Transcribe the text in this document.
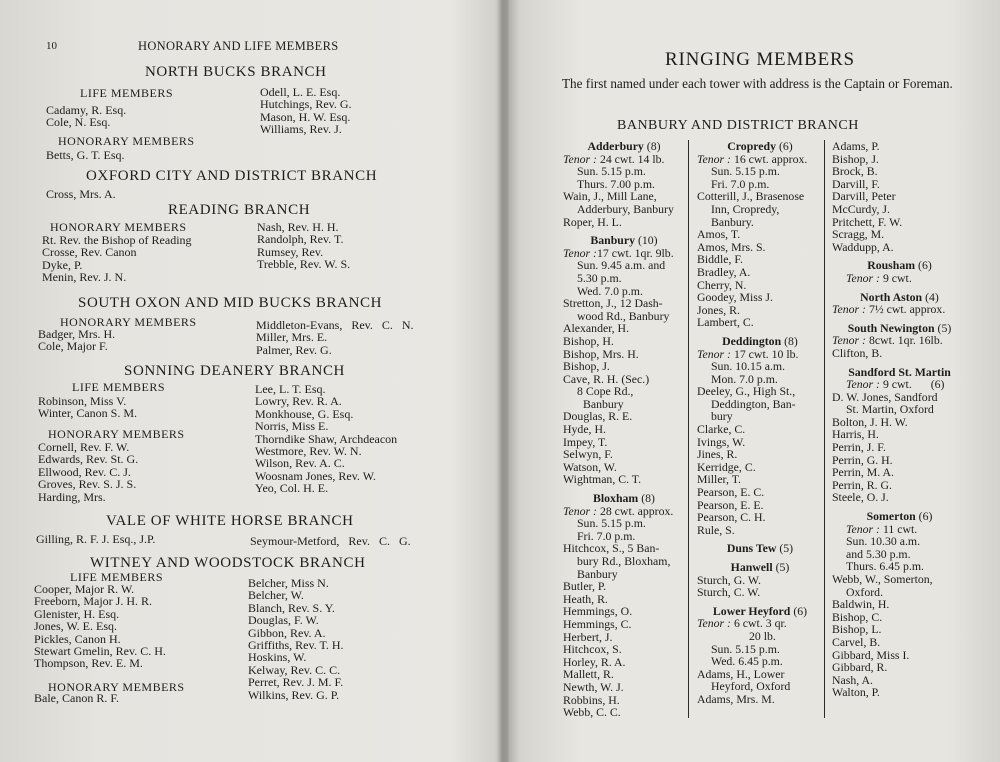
10	HONORARY AND LIFE MEMBERS
NORTH BUCKS BRANCH
LIFE MEMBERS
Cadamy, R. Esq.
Cole, N. Esq.
HONORARY MEMBERS
Betts, G. T. Esq.
Odell, L. E. Esq.
Hutchings, Rev. G.
Mason, H. W. Esq.
Williams, Rev. J.
OXFORD CITY AND DISTRICT BRANCH
Cross, Mrs. A.
READING BRANCH
HONORARY MEMBERS
Rt. Rev. the Bishop of Reading
Crosse, Rev. Canon
Dyke, P.
Menin, Rev. J. N.
Nash, Rev. H. H.
Randolph, Rev. T.
Rumsey, Rev.
Trebble, Rev. W. S.
SOUTH OXON AND MID BUCKS BRANCH
HONORARY MEMBERS
Badger, Mrs. H.
Cole, Major F.
Middleton-Evans, Rev. C. N.
Miller, Mrs. E.
Palmer, Rev. G.
SONNING DEANERY BRANCH
LIFE MEMBERS
Robinson, Miss V.
Winter, Canon S. M.
HONORARY MEMBERS
Cornell, Rev. F. W.
Edwards, Rev. St. G.
Ellwood, Rev. C. J.
Groves, Rev. S. J. S.
Harding, Mrs.
Lee, L. T. Esq.
Lowry, Rev. R. A.
Monkhouse, G. Esq.
Norris, Miss E.
Thorndike Shaw, Archdeacon
Westmore, Rev. W. N.
Wilson, Rev. A. C.
Woosnam Jones, Rev. W.
Yeo, Col. H. E.
VALE OF WHITE HORSE BRANCH
Gilling, R. F. J. Esq., J.P.	Seymour-Metford, Rev. C. G.
WITNEY AND WOODSTOCK BRANCH
LIFE MEMBERS
Cooper, Major R. W.
Freeborn, Major J. H. R.
Glenister, H. Esq.
Jones, W. E. Esq.
Pickles, Canon H.
Stewart Gmelin, Rev. C. H.
Thompson, Rev. E. M.
HONORARY MEMBERS
Bale, Canon R. F.
Belcher, Miss N.
Belcher, W.
Blanch, Rev. S. Y.
Douglas, F. W.
Gibbon, Rev. A.
Griffiths, Rev. T. H.
Hoskins, W.
Kelway, Rev. C. C.
Perret, Rev. J. M. F.
Wilkins, Rev. G. P.
RINGING MEMBERS
The first named under each tower with address is the Captain or Foreman.
BANBURY AND DISTRICT BRANCH
Adderbury (8)
Tenor : 24 cwt. 14 lb.
Sun. 5.15 p.m.
Thurs. 7.00 p.m.
Wain, J., Mill Lane,
Adderbury, Banbury
Roper, H. L.
Banbury (10)
Tenor :17 cwt. 1qr. 9lb.
Sun. 9.45 a.m. and
5.30 p.m.
Wed. 7.0 p.m.
Stretton, J., 12 Dash-
wood Rd., Banbury
Alexander, H.
Bishop, H.
Bishop, Mrs. H.
Bishop, J.
Cave, R. H. (Sec.)
8 Cope Rd.,
Banbury
Douglas, R. E.
Hyde, H.
Impey, T.
Selwyn, F.
Watson, W.
Wightman, C. T.
Bloxham (8)
Tenor : 28 cwt. approx.
Sun. 5.15 p.m.
Fri. 7.0 p.m.
Hitchcox, S., 5 Ban-
bury Rd., Bloxham,
Banbury
Butler, P.
Heath, R.
Hemmings, O.
Hemmings, C.
Herbert, J.
Hitchcox, S.
Horley, R. A.
Mallett, R.
Newth, W. J.
Robbins, H.
Webb, C. C.
Cropredy (6)
Tenor : 16 cwt. approx.
Sun. 5.15 p.m.
Fri. 7.0 p.m.
Cotterill, J., Brasenose
Inn, Cropredy,
Banbury.
Amos, T.
Amos, Mrs. S.
Biddle, F.
Bradley, A.
Cherry, N.
Goodey, Miss J.
Jones, R.
Lambert, C.
Deddington (8)
Tenor : 17 cwt. 10 lb.
Sun. 10.15 a.m.
Mon. 7.0 p.m.
Deeley, G., High St.,
Deddington, Ban-
bury
Clarke, C.
Ivings, W.
Jines, R.
Kerridge, C.
Miller, T.
Pearson, E. C.
Pearson, E. E.
Pearson, C. H.
Rule, S.
Duns Tew (5)
Hanwell (5)
Sturch, G. W.
Sturch, C. W.
Lower Heyford (6)
Tenor : 6 cwt. 3 qr.
20 lb.
Sun. 5.15 p.m.
Wed. 6.45 p.m.
Adams, H., Lower
Heyford, Oxford
Adams, Mrs. M.
Adams, P.
Bishop, J.
Brock, B.
Darvill, F.
Darvill, Peter
McCurdy, J.
Pritchett, F. W.
Scragg, M.
Waddupp, A.
Rousham (6)
Tenor : 9 cwt.
North Aston (4)
Tenor : 7½ cwt. approx.
South Newington (5)
Tenor : 8cwt. 1qr. 16lb.
Clifton, B.
Sandford St. Martin
Tenor : 9 cwt. (6)
D. W. Jones, Sandford
St. Martin, Oxford
Bolton, J. H. W.
Harris, H.
Perrin, J. F.
Perrin, G. H.
Perrin, M. A.
Perrin, R. G.
Steele, O. J.
Somerton (6)
Tenor : 11 cwt.
Sun. 10.30 a.m.
and 5.30 p.m.
Thurs. 6.45 p.m.
Webb, W., Somerton,
Oxford.
Baldwin, H.
Bishop, C.
Bishop, L.
Carvel, B.
Gibbard, Miss I.
Gibbard, R.
Nash, A.
Walton, P.
